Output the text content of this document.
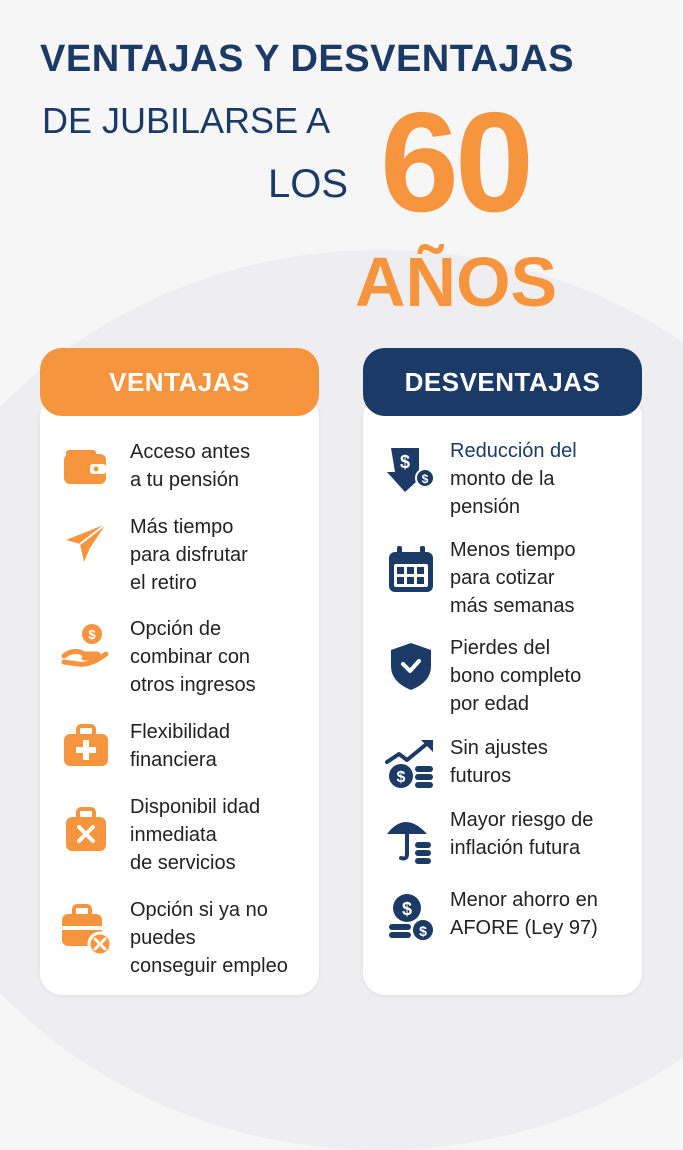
VENTAJAS Y DESVENTAJAS
DE JUBILARSE A
LOS 60
AÑOS
VENTAJAS	DESVENTAJAS
Acceso antes
a tu pensión
Más tiempo
para disfrutar
el retiro
$ Opción de
combinar con
otros ingresos
Flexibilidad
financiera
Disponibil idad
inmediata
de servicios
Opción si ya no
puedes
conseguir empleo
$
$
Reducción del
monto de la
pensión
Menos tiempo
para cotizar
más semanas
Pierdes del
bono completo
por edad
$
Sin ajustes
futuros
Mayor riesgo de
inflación futura
$
$
Menor ahorro en
AFORE (Ley 97)
